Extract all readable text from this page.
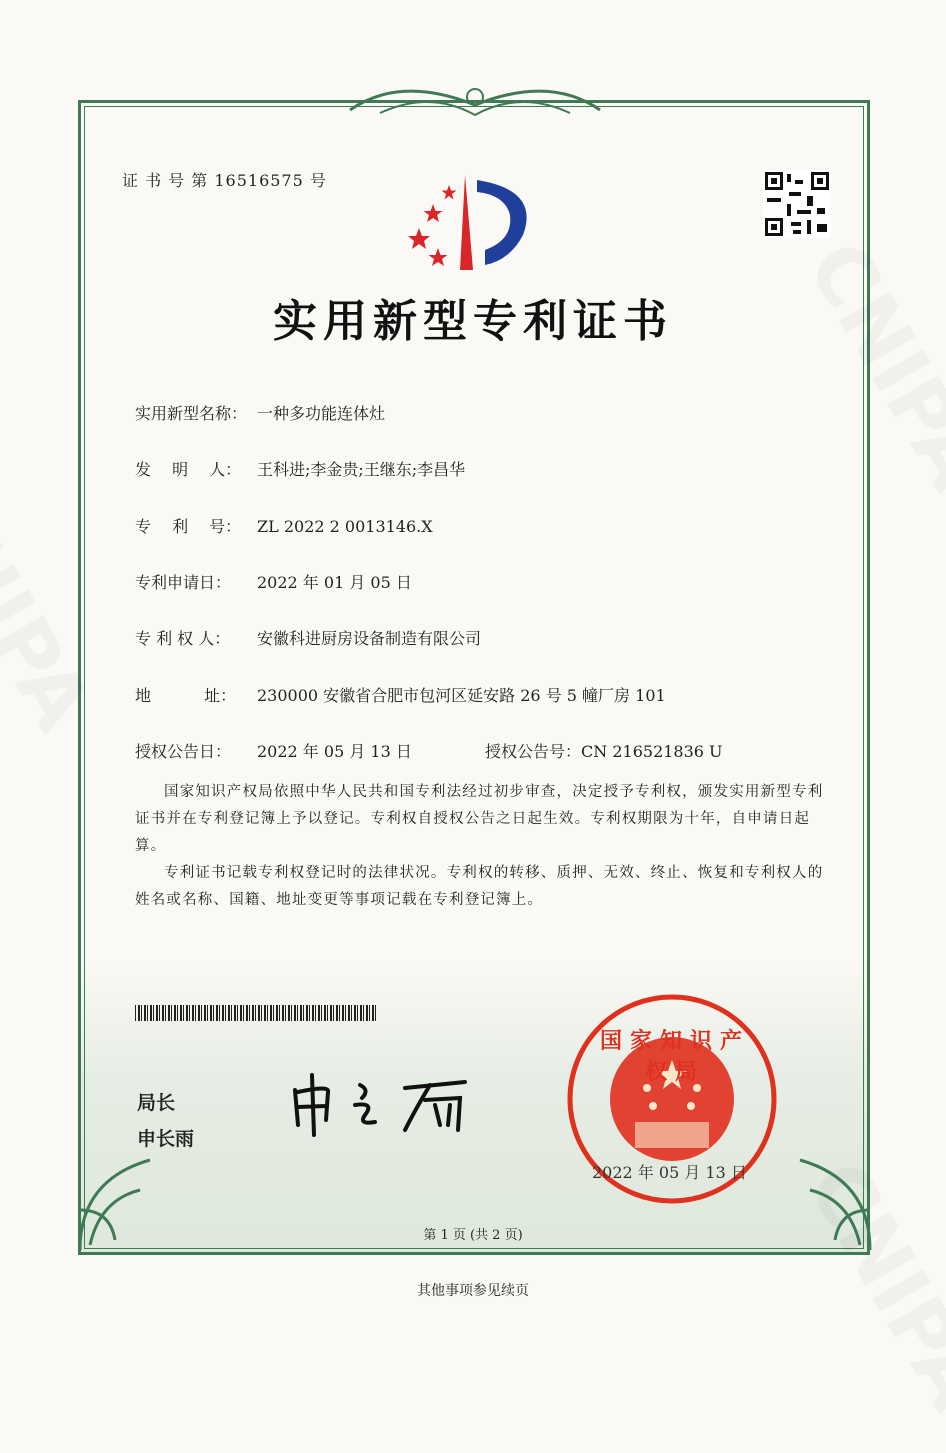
证 书 号 第 16516575 号
实用新型专利证书
实用新型名称： 一种多功能连体灶
发　 明　 人： 王科进;李金贵;王继东;李昌华
专　 利　 号： ZL 2022 2 0013146.X
专利申请日： 2022 年 01 月 05 日
专 利 权 人： 安徽科进厨房设备制造有限公司
地　　　 址： 230000 安徽省合肥市包河区延安路 26 号 5 幢厂房 101
授权公告日： 2022 年 05 月 13 日	授权公告号：CN 216521836 U

国家知识产权局依照中华人民共和国专利法经过初步审查，决定授予专利权，颁发实用新型专利证书并在专利登记簿上予以登记。专利权自授权公告之日起生效。专利权期限为十年，自申请日起算。

专利证书记载专利权登记时的法律状况。专利权的转移、质押、无效、终止、恢复和专利权人的姓名或名称、国籍、地址变更等事项记载在专利登记簿上。

局长
申长雨
国家知识产权局
2022 年 05 月 13 日
第 1 页 (共 2 页)
其他事项参见续页
